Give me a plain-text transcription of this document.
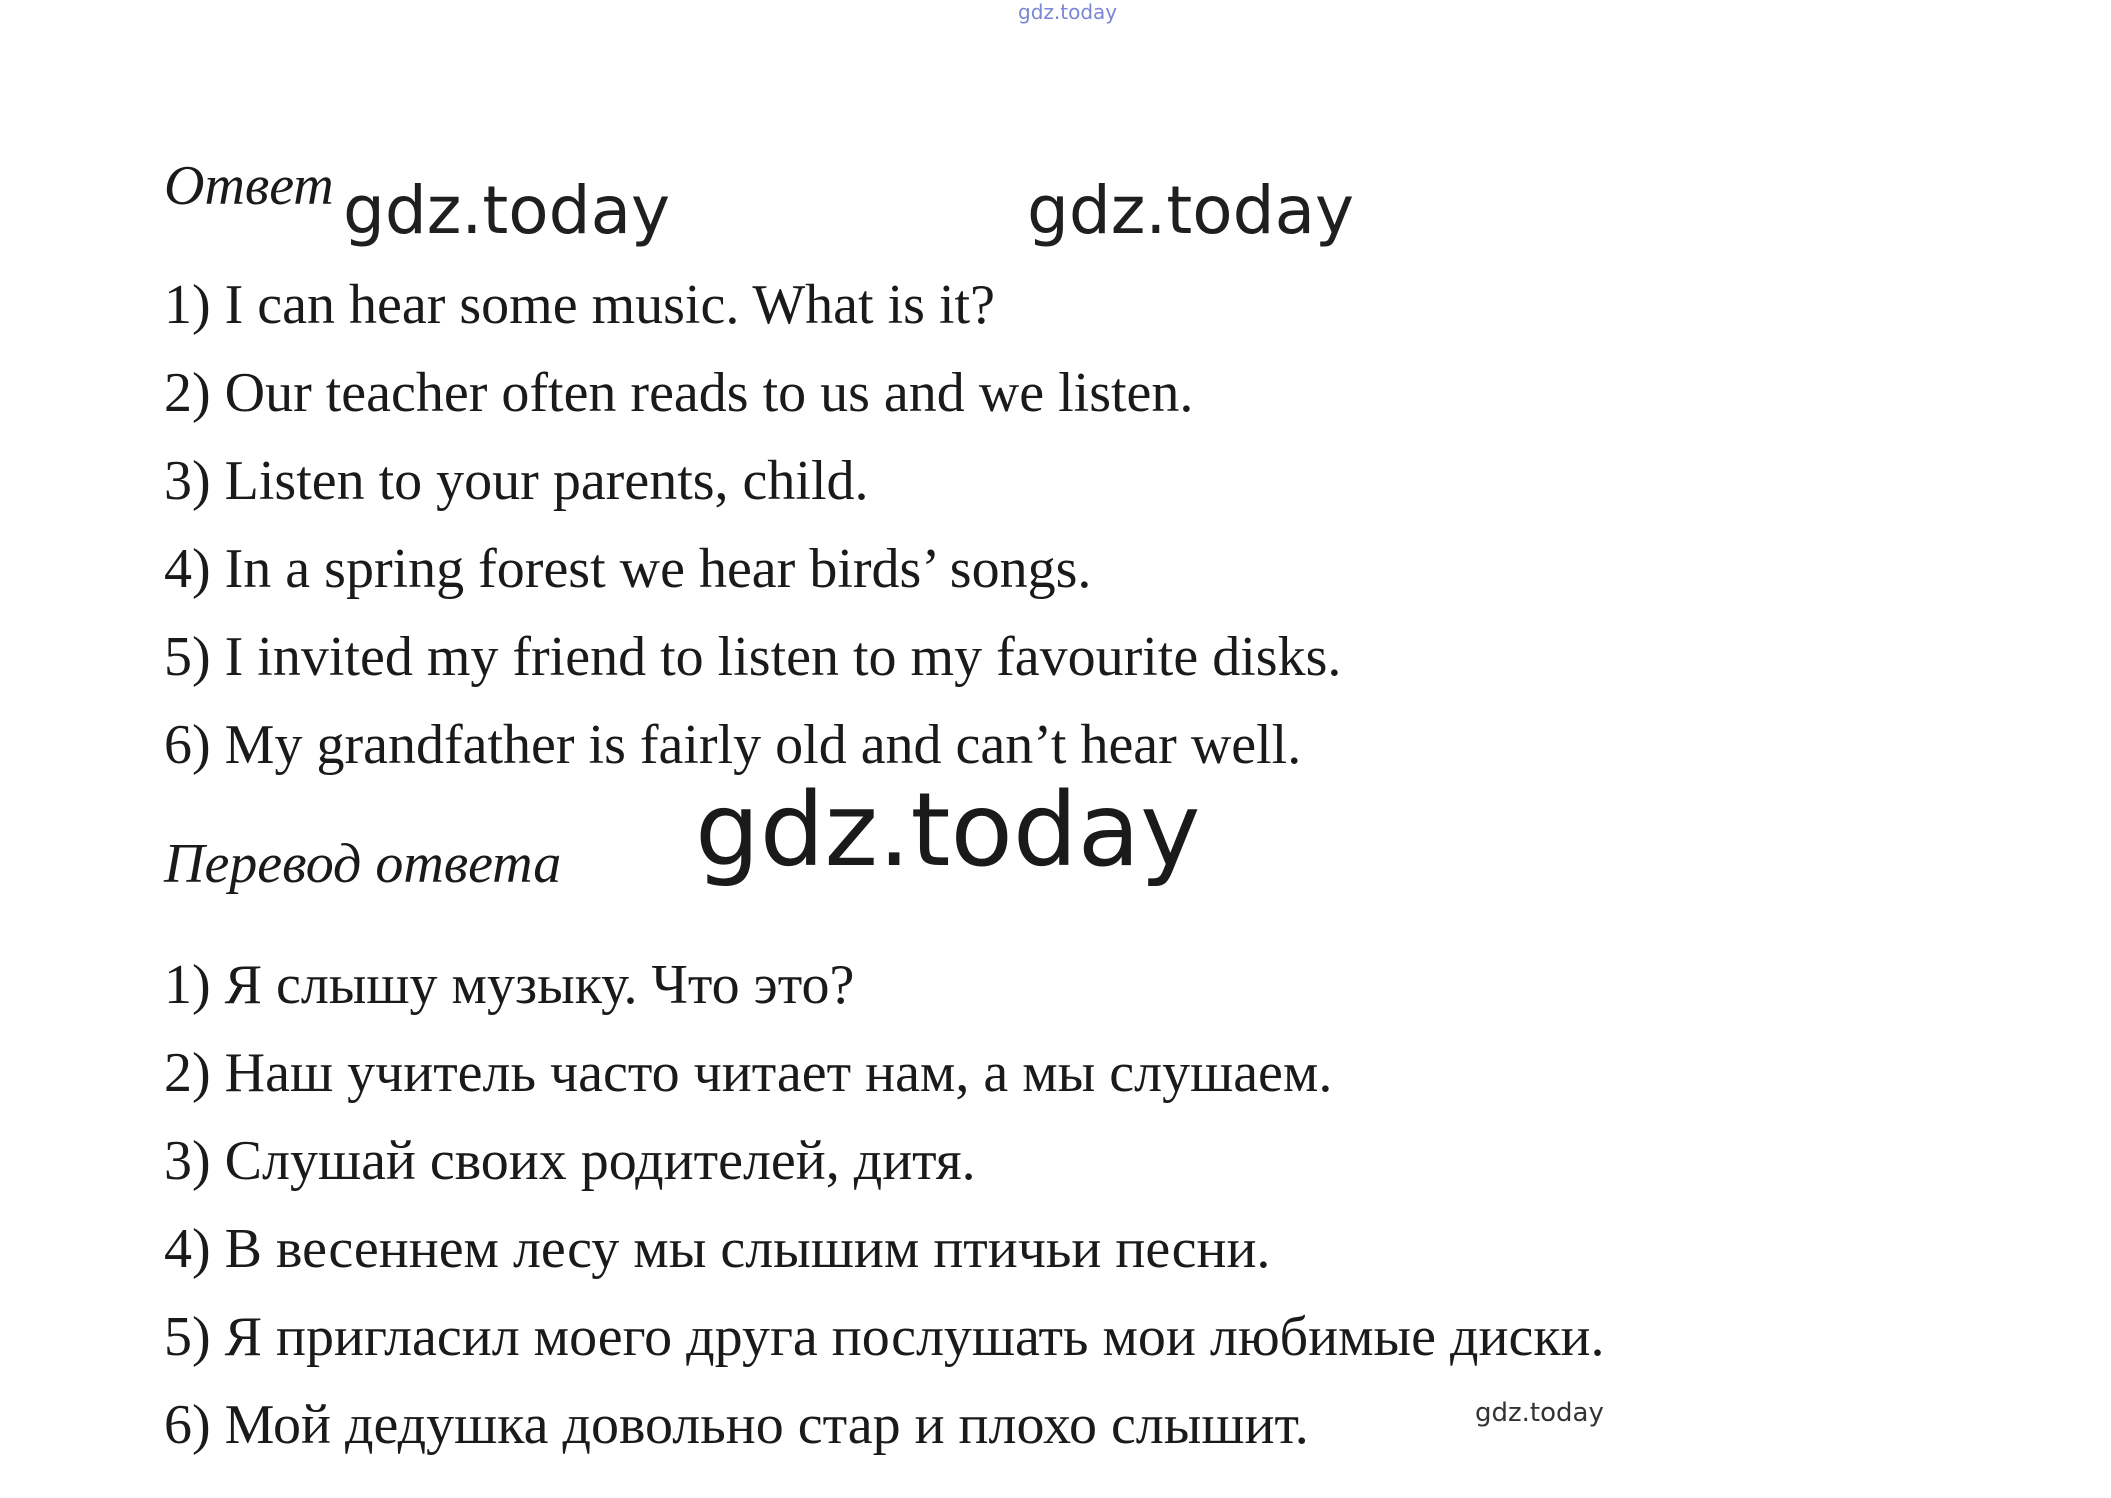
gdz.today
Ответ gdz.today	gdz.today
1) I can hear some music. What is it?
2) Our teacher often reads to us and we listen.
3) Listen to your parents, child.
4) In a spring forest we hear birds’ songs.
5) I invited my friend to listen to my favourite disks.
6) My grandfather is fairly old and can’t hear well.
Перевод ответа gdz.today
1) Я слышу музыку. Что это?
2) Наш учитель часто читает нам, а мы слушаем.
3) Слушай своих родителей, дитя.
4) В весеннем лесу мы слышим птичьи песни.
5) Я пригласил моего друга послушать мои любимые диски.
6) Мой дедушка довольно стар и плохо слышит.	gdz.today
